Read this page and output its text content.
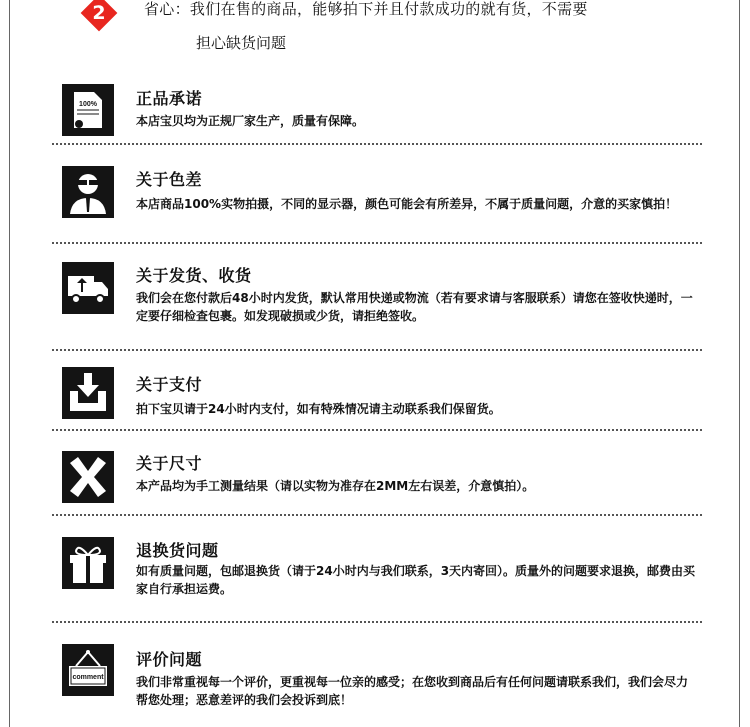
2	省心：我们在售的商品，能够拍下并且付款成功的就有货，不需要
担心缺货问题
100% 正品承诺
本店宝贝均为正规厂家生产，质量有保障。
关于色差
本店商品100%实物拍摄，不同的显示器，颜色可能会有所差异，不属于质量问题，介意的买家慎拍！
关于发货、收货
我们会在您付款后48小时内发货，默认常用快递或物流（若有要求请与客服联系）请您在签收快递时，一定要仔细检查包裹。如发现破损或少货，请拒绝签收。
关于支付
拍下宝贝请于24小时内支付，如有特殊情况请主动联系我们保留货。
关于尺寸
本产品均为手工测量结果（请以实物为准存在2MM左右误差，介意慎拍）。
退换货问题
如有质量问题，包邮退换货（请于24小时内与我们联系，3天内寄回）。质量外的问题要求退换，邮费由买家自行承担运费。
comment
评价问题
我们非常重视每一个评价，更重视每一位亲的感受；在您收到商品后有任何问题请联系我们，我们会尽力帮您处理；恶意差评的我们会投诉到底！
